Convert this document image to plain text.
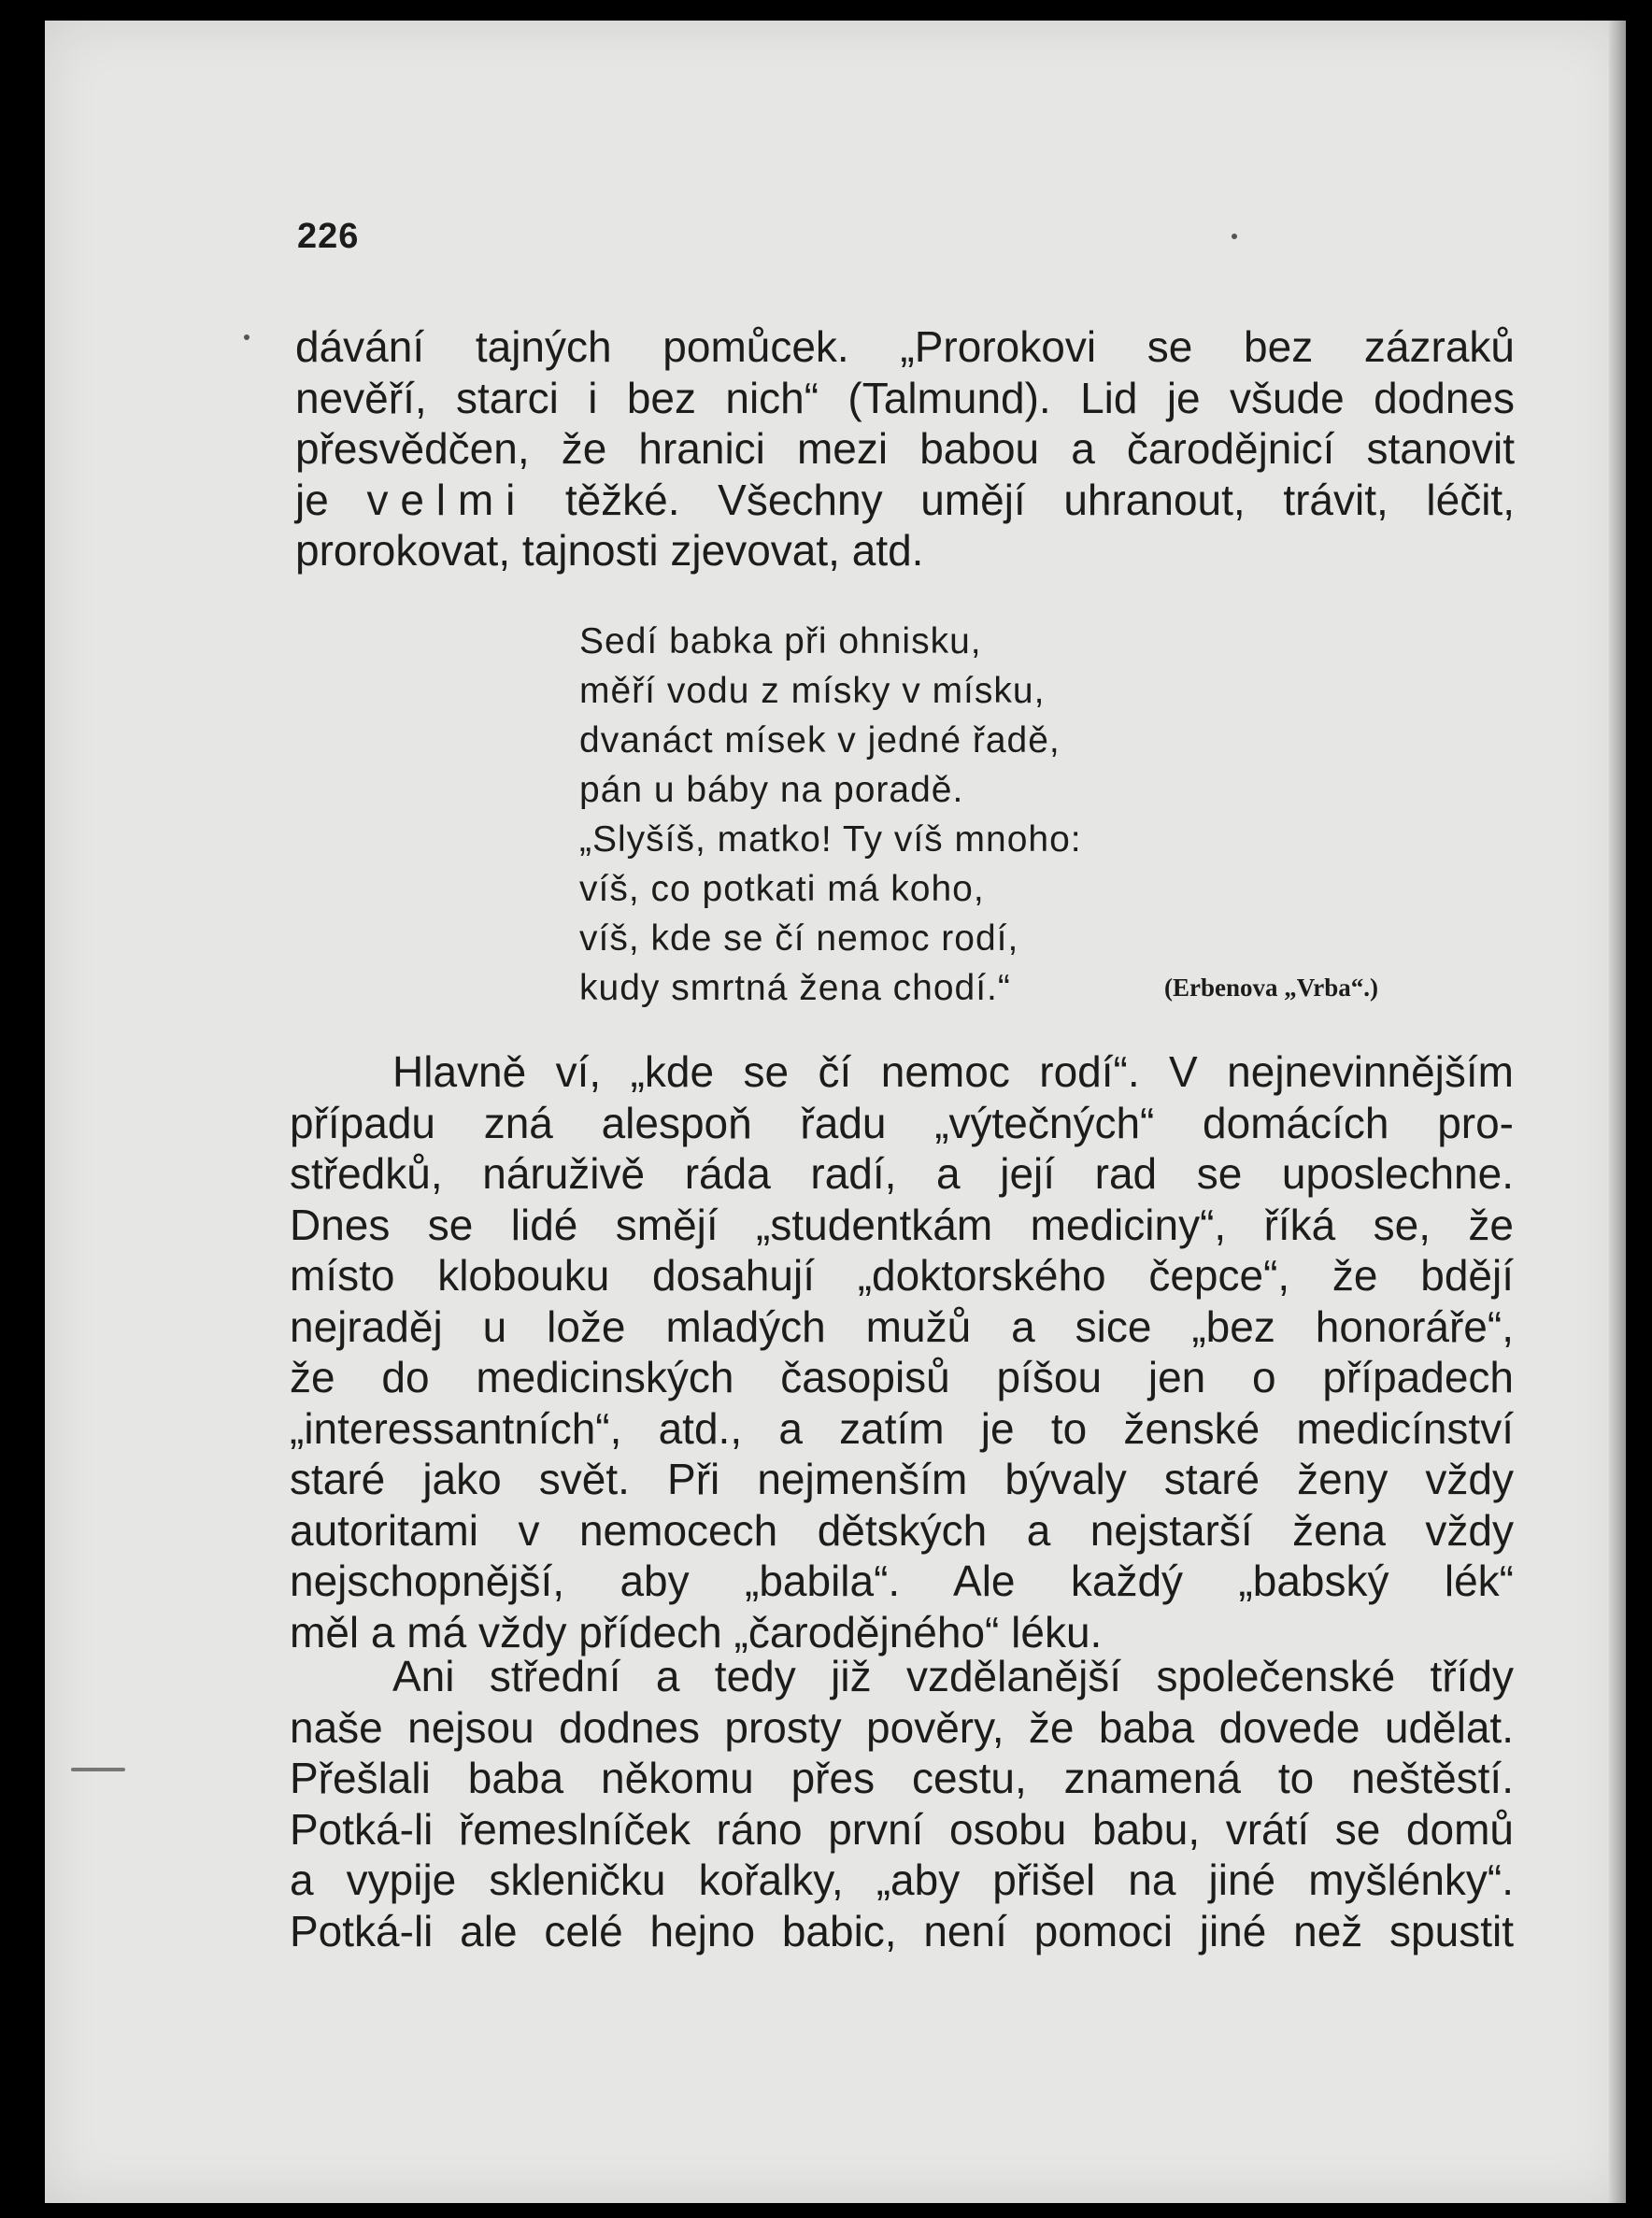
226
dávání tajných pomůcek. „Prorokovi se bez zázraků
nevěří, starci i bez nich“ (Talmund). Lid je všude dodnes
přesvědčen, že hranici mezi babou a čarodějnicí stanovit
je velmi těžké. Všechny umějí uhranout, trávit, léčit,
prorokovat, tajnosti zjevovat, atd.
Sedí babka při ohnisku,
měří vodu z mísky v mísku,
dvanáct mísek v jedné řadě,
pán u báby na poradě.
„Slyšíš, matko! Ty víš mnoho:
víš, co potkati má koho,
víš, kde se čí nemoc rodí,
kudy smrtná žena chodí.“	(Erbenova „Vrba“.)
Hlavně ví, „kde se čí nemoc rodí“. V nejnevinnějším
případu zná alespoň řadu „výtečných“ domácích pro-
středků, náruživě ráda radí, a její rad se uposlechne.
Dnes se lidé smějí „studentkám mediciny“, říká se, že
místo klobouku dosahují „doktorského čepce“, že bdějí
nejraděj u lože mladých mužů a sice „bez honoráře“,
že do medicinských časopisů píšou jen o případech
„interessantních“, atd., a zatím je to ženské medicínství
staré jako svět. Při nejmenším bývaly staré ženy vždy
autoritami v nemocech dětských a nejstarší žena vždy
nejschopnější, aby „babila“. Ale každý „babský lék“
měl a má vždy přídech „čarodějného“ léku.
Ani střední a tedy již vzdělanější společenské třídy
naše nejsou dodnes prosty pověry, že baba dovede udělat.
Přešlali baba někomu přes cestu, znamená to neštěstí.
Potká-li řemeslníček ráno první osobu babu, vrátí se domů
a vypije skleničku kořalky, „aby přišel na jiné myšlénky“.
Potká-li ale celé hejno babic, není pomoci jiné než spustit
